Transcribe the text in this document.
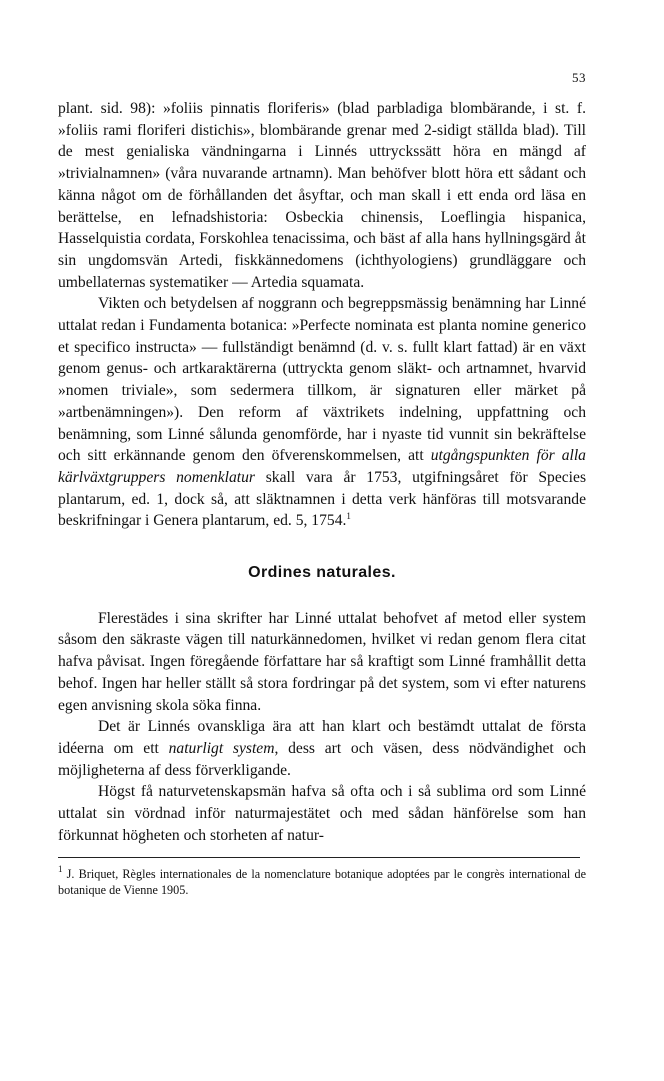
53

plant. sid. 98): »foliis pinnatis floriferis» (blad parbladiga blombärande, i st. f. »foliis rami floriferi distichis», blombärande grenar med 2-sidigt ställda blad). Till de mest genialiska vändningarna i Linnés uttryckssätt höra en mängd af »trivialnamnen» (våra nuvarande artnamn). Man behöfver blott höra ett sådant och känna något om de förhållanden det åsyftar, och man skall i ett enda ord läsa en berättelse, en lefnadshistoria: Osbeckia chinensis, Loeflingia hispanica, Hasselquistia cordata, Forskohlea tenacissima, och bäst af alla hans hyllningsgärd åt sin ungdomsvän Artedi, fiskkännedomens (ichthyologiens) grundläggare och umbellaternas systematiker — Artedia squamata.

Vikten och betydelsen af noggrann och begreppsmässig benämning har Linné uttalat redan i Fundamenta botanica: »Perfecte nominata est planta nomine generico et specifico instructa» — fullständigt benämnd (d. v. s. fullt klart fattad) är en växt genom genus- och artkaraktärerna (uttryckta genom släkt- och artnamnet, hvarvid »nomen triviale», som sedermera tillkom, är signaturen eller märket på »artbenämningen»). Den reform af växtrikets indelning, uppfattning och benämning, som Linné sålunda genomförde, har i nyaste tid vunnit sin bekräftelse och sitt erkännande genom den öfverenskommelsen, att utgångspunkten för alla kärlväxtgruppers nomenklatur skall vara år 1753, utgifningsåret för Species plantarum, ed. 1, dock så, att släktnamnen i detta verk hänföras till motsvarande beskrifningar i Genera plantarum, ed. 5, 1754.$^1$

Ordines naturales.

Flerestädes i sina skrifter har Linné uttalat behofvet af metod eller system såsom den säkraste vägen till naturkännedomen, hvilket vi redan genom flera citat hafva påvisat. Ingen föregående författare har så kraftigt som Linné framhållit detta behof. Ingen har heller ställt så stora fordringar på det system, som vi efter naturens egen anvisning skola söka finna.

Det är Linnés ovanskliga ära att han klart och bestämdt uttalat de första idéerna om ett naturligt system, dess art och väsen, dess nödvändighet och möjligheterna af dess förverkligande.

Högst få naturvetenskapsmän hafva så ofta och i så sublima ord som Linné uttalat sin vördnad inför naturmajestätet och med sådan hänförelse som han förkunnat högheten och storheten af natur-

$^1$ J. Briquet, Règles internationales de la nomenclature botanique adoptées par le congrès international de botanique de Vienne 1905.
